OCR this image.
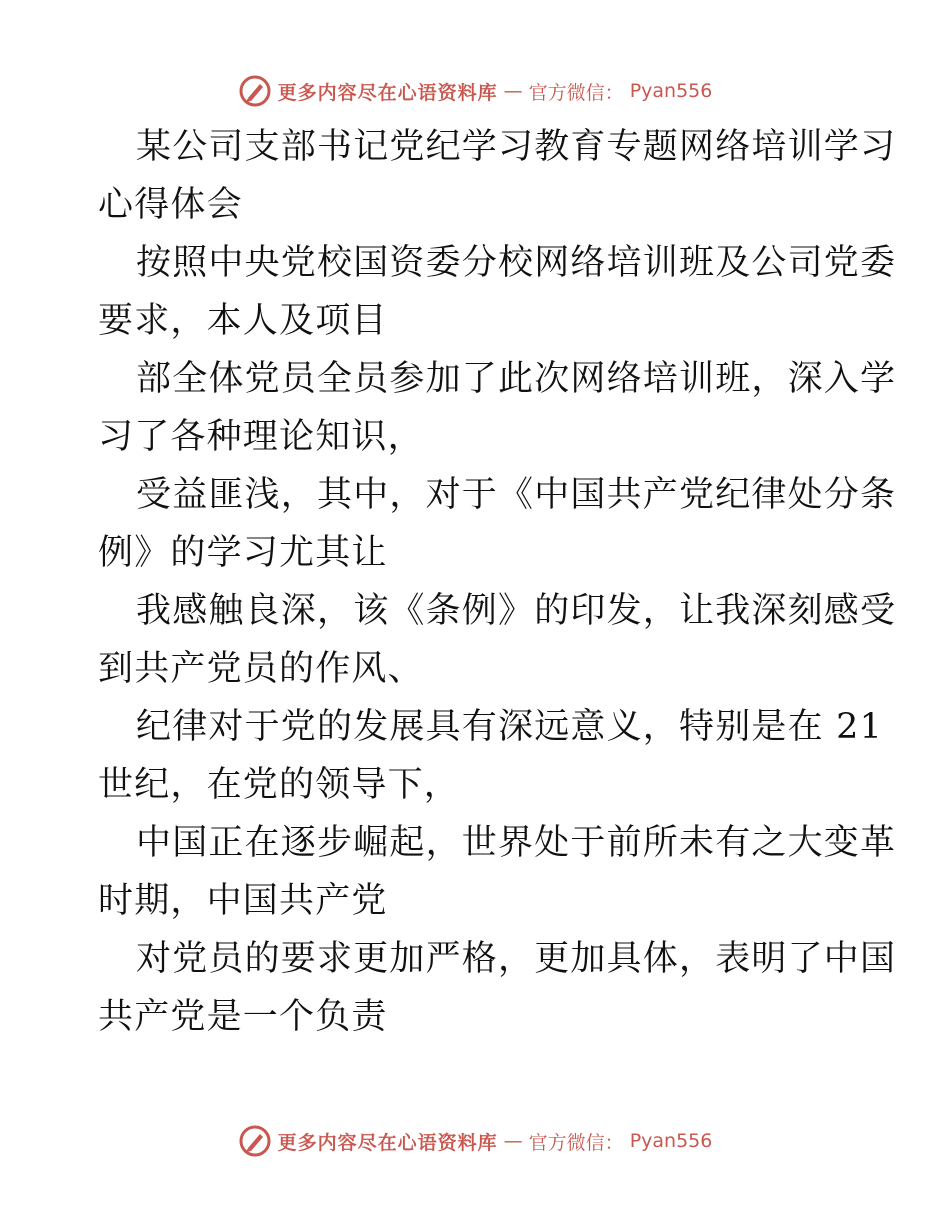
更多内容尽在心语资料库 — 官方微信： Pyan556
某公司支部书记党纪学习教育专题网络培训学习
心得体会
按照中央党校国资委分校网络培训班及公司党委
要求，本人及项目
部全体党员全员参加了此次网络培训班，深入学
习了各种理论知识，
受益匪浅，其中，对于《中国共产党纪律处分条
例》的学习尤其让
我感触良深，该《条例》的印发，让我深刻感受
到共产党员的作风、
纪律对于党的发展具有深远意义，特别是在 21
世纪，在党的领导下，
中国正在逐步崛起，世界处于前所未有之大变革
时期，中国共产党
对党员的要求更加严格，更加具体，表明了中国
共产党是一个负责
更多内容尽在心语资料库 — 官方微信： Pyan556
